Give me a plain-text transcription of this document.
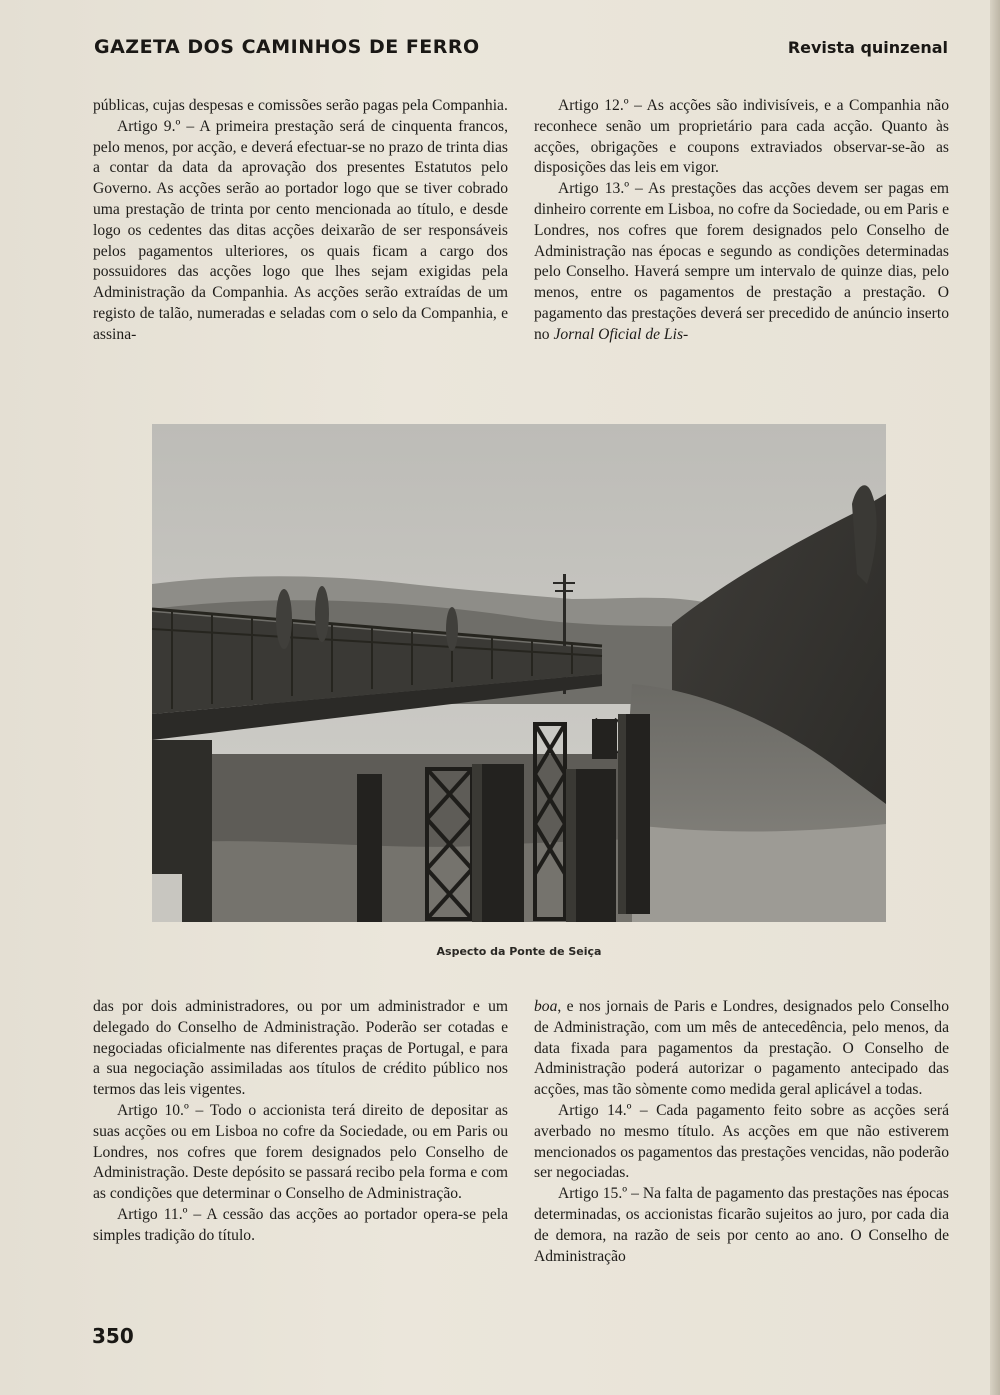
GAZETA DOS CAMINHOS DE FERRO	Revista quinzenal

públicas, cujas despesas e comissões serão pagas pela Companhia.

Artigo 9.º – A primeira prestação será de cinquenta francos, pelo menos, por acção, e deverá efectuar-se no prazo de trinta dias a contar da data da aprovação dos presentes Estatutos pelo Governo. As acções serão ao portador logo que se tiver cobrado uma prestação de trinta por cento mencionada ao título, e desde logo os cedentes das ditas acções deixarão de ser responsáveis pelos pagamentos ulteriores, os quais ficam a cargo dos possuidores das acções logo que lhes sejam exigidas pela Administração da Companhia. As acções serão extraídas de um registo de talão, numeradas e seladas com o selo da Companhia, e assina-

Artigo 12.º – As acções são indivisíveis, e a Companhia não reconhece senão um proprietário para cada acção. Quanto às acções, obrigações e coupons extraviados observar-se-ão as disposições das leis em vigor.

Artigo 13.º – As prestações das acções devem ser pagas em dinheiro corrente em Lisboa, no cofre da Sociedade, ou em Paris e Londres, nos cofres que forem designados pelo Conselho de Administração nas épocas e segundo as condições determinadas pelo Conselho. Haverá sempre um intervalo de quinze dias, pelo menos, entre os pagamentos de prestação a prestação. O pagamento das prestações deverá ser precedido de anúncio inserto no Jornal Oficial de Lis-

Aspecto da Ponte de Seiça

das por dois administradores, ou por um administrador e um delegado do Conselho de Administração. Poderão ser cotadas e negociadas oficialmente nas diferentes praças de Portugal, e para a sua negociação assimiladas aos títulos de crédito público nos termos das leis vigentes.

Artigo 10.º – Todo o accionista terá direito de depositar as suas acções ou em Lisboa no cofre da Sociedade, ou em Paris ou Londres, nos cofres que forem designados pelo Conselho de Administração. Deste depósito se passará recibo pela forma e com as condições que determinar o Conselho de Administração.

Artigo 11.º – A cessão das acções ao portador opera-se pela simples tradição do título.

boa, e nos jornais de Paris e Londres, designados pelo Conselho de Administração, com um mês de antecedência, pelo menos, da data fixada para pagamentos da prestação. O Conselho de Administração poderá autorizar o pagamento antecipado das acções, mas tão sòmente como medida geral aplicável a todas.

Artigo 14.º – Cada pagamento feito sobre as acções será averbado no mesmo título. As acções em que não estiverem mencionados os pagamentos das prestações vencidas, não poderão ser negociadas.

Artigo 15.º – Na falta de pagamento das prestações nas épocas determinadas, os accionistas ficarão sujeitos ao juro, por cada dia de demora, na razão de seis por cento ao ano. O Conselho de Administração

350
